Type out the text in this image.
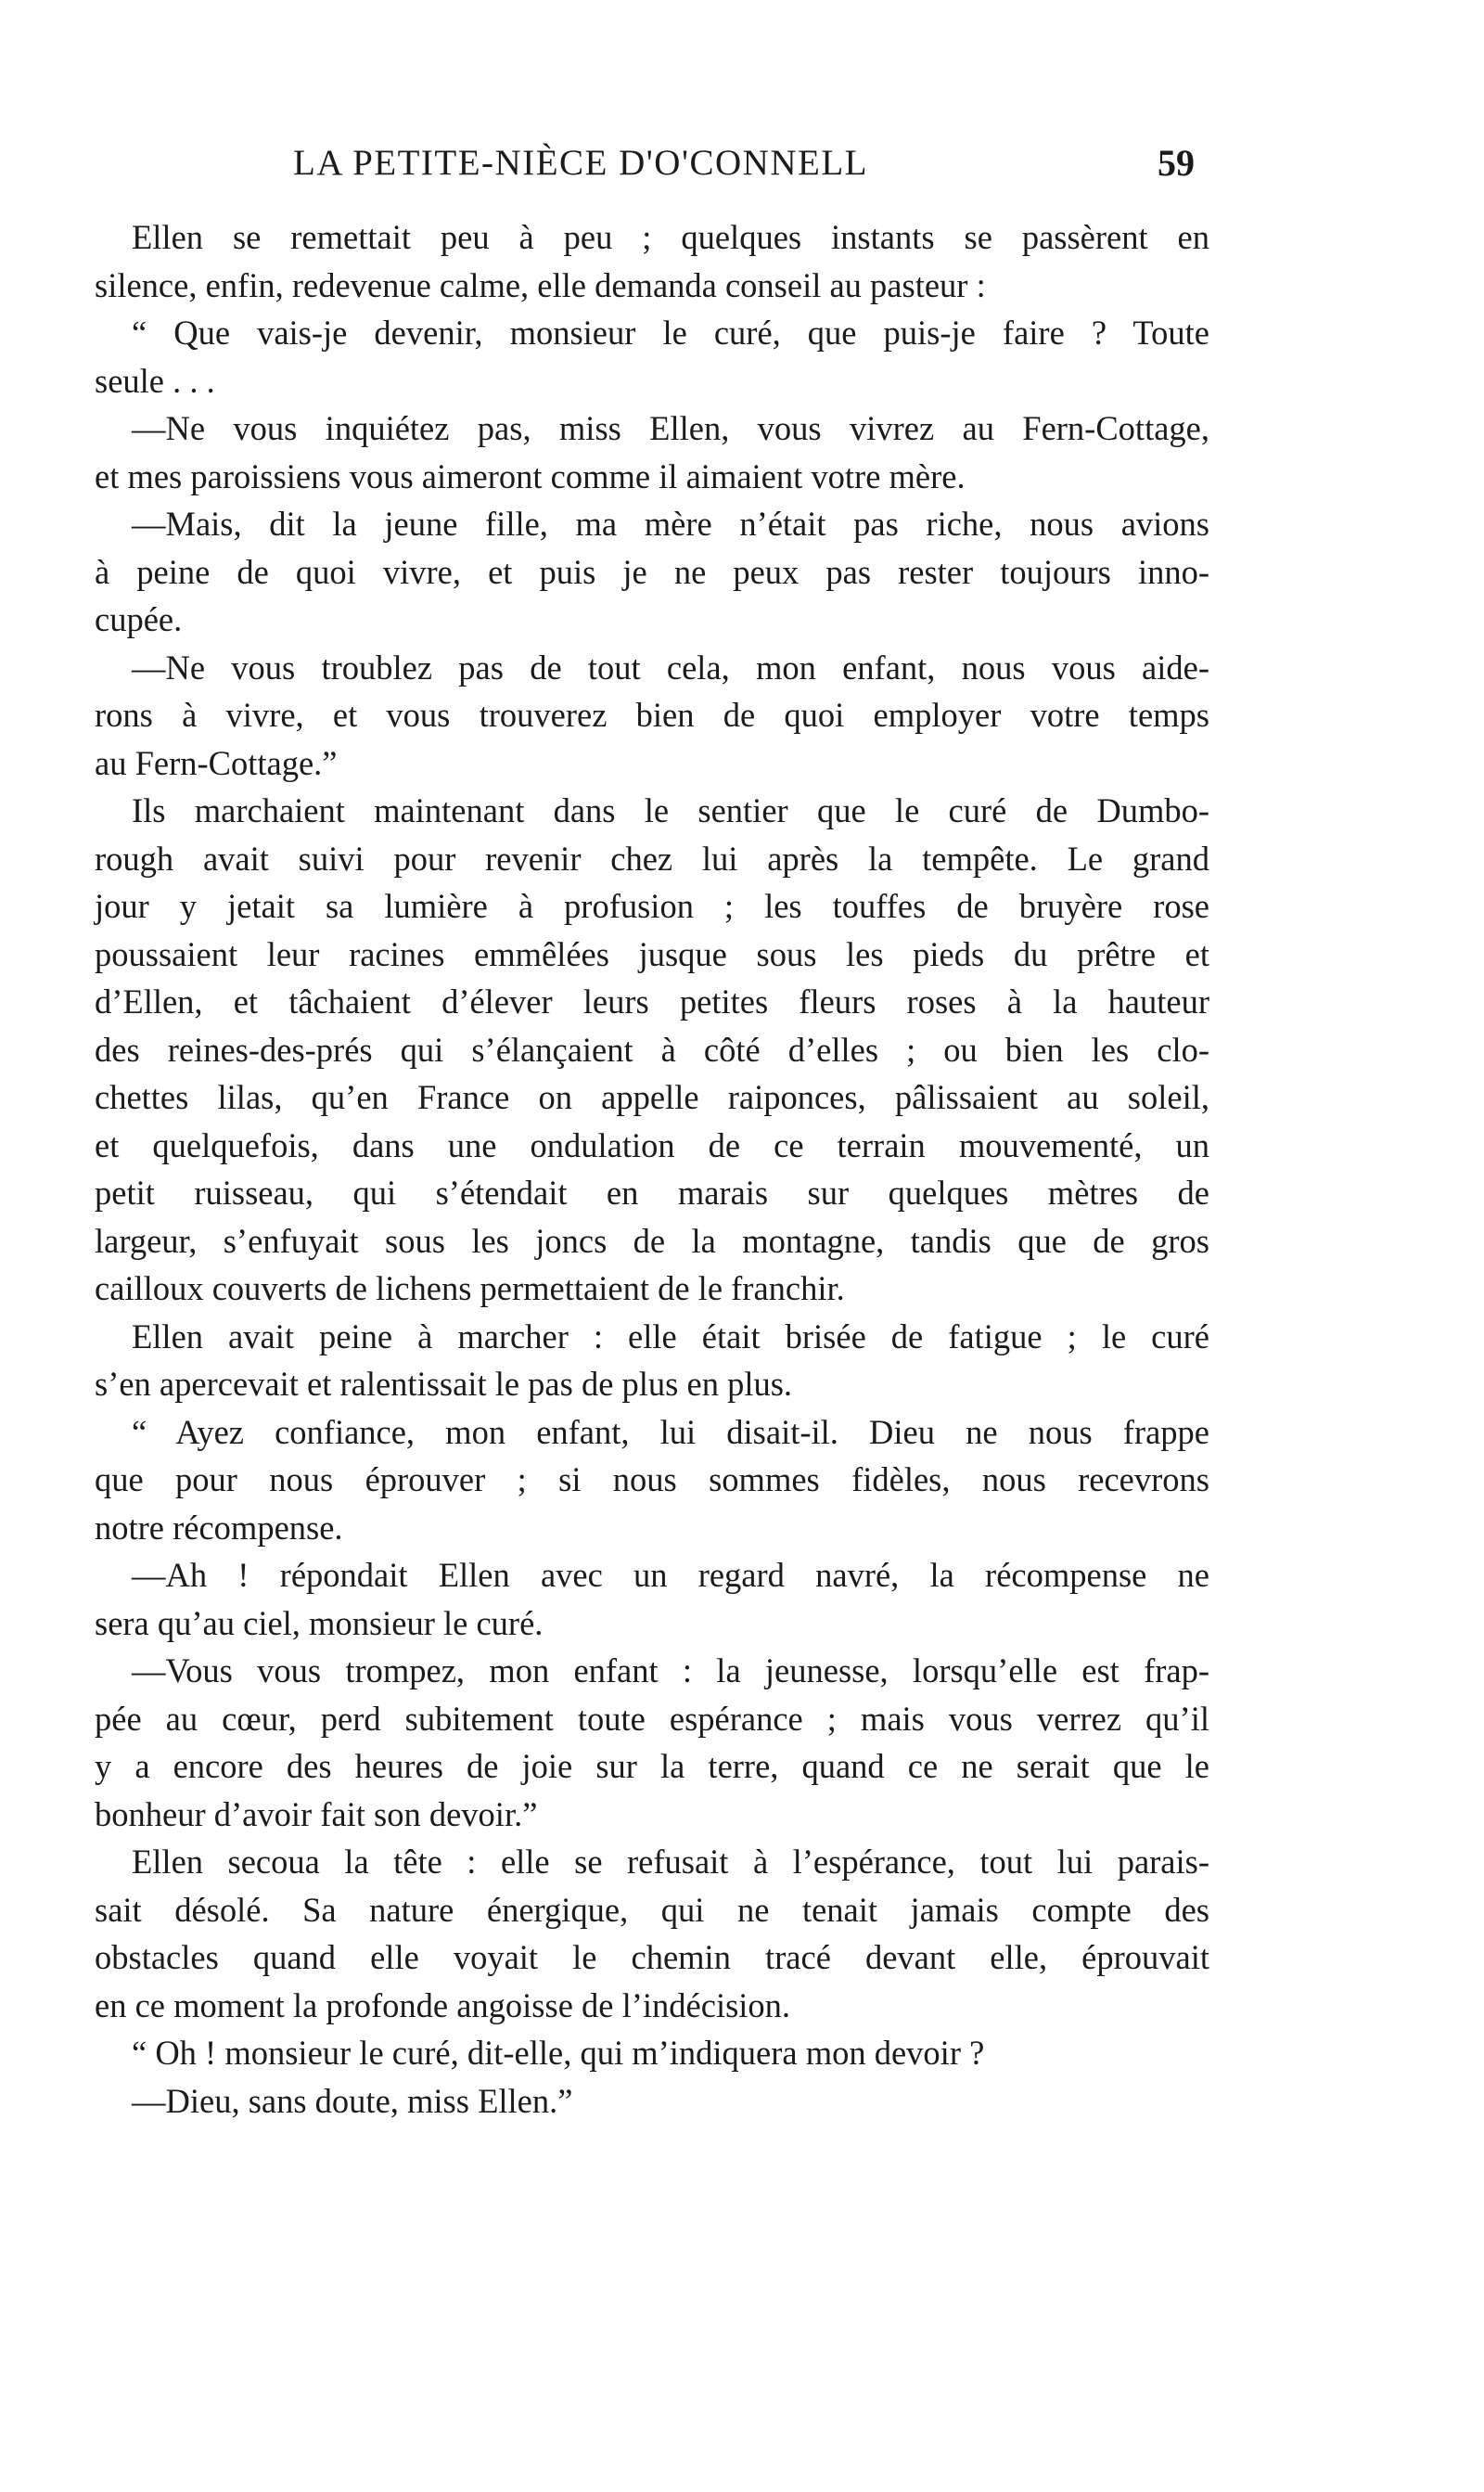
LA PETITE-NIÈCE D'O'CONNELL	59
Ellen se remettait peu à peu ; quelques instants se passèrent en
silence, enfin, redevenue calme, elle demanda conseil au pasteur :
“ Que vais-je devenir, monsieur le curé, que puis-je faire ? Toute
seule . . .
—Ne vous inquiétez pas, miss Ellen, vous vivrez au Fern-Cottage,
et mes paroissiens vous aimeront comme il aimaient votre mère.
—Mais, dit la jeune fille, ma mère n’était pas riche, nous avions
à peine de quoi vivre, et puis je ne peux pas rester toujours inno-
cupée.
—Ne vous troublez pas de tout cela, mon enfant, nous vous aide-
rons à vivre, et vous trouverez bien de quoi employer votre temps
au Fern-Cottage.”
Ils marchaient maintenant dans le sentier que le curé de Dumbo-
rough avait suivi pour revenir chez lui après la tempête. Le grand
jour y jetait sa lumière à profusion ; les touffes de bruyère rose
poussaient leur racines emmêlées jusque sous les pieds du prêtre et
d’Ellen, et tâchaient d’élever leurs petites fleurs roses à la hauteur
des reines-des-prés qui s’élançaient à côté d’elles ; ou bien les clo-
chettes lilas, qu’en France on appelle raiponces, pâlissaient au soleil,
et quelquefois, dans une ondulation de ce terrain mouvementé, un
petit ruisseau, qui s’étendait en marais sur quelques mètres de
largeur, s’enfuyait sous les joncs de la montagne, tandis que de gros
cailloux couverts de lichens permettaient de le franchir.
Ellen avait peine à marcher : elle était brisée de fatigue ; le curé
s’en apercevait et ralentissait le pas de plus en plus.
“ Ayez confiance, mon enfant, lui disait-il. Dieu ne nous frappe
que pour nous éprouver ; si nous sommes fidèles, nous recevrons
notre récompense.
—Ah ! répondait Ellen avec un regard navré, la récompense ne
sera qu’au ciel, monsieur le curé.
—Vous vous trompez, mon enfant : la jeunesse, lorsqu’elle est frap-
pée au cœur, perd subitement toute espérance ; mais vous verrez qu’il
y a encore des heures de joie sur la terre, quand ce ne serait que le
bonheur d’avoir fait son devoir.”
Ellen secoua la tête : elle se refusait à l’espérance, tout lui parais-
sait désolé. Sa nature énergique, qui ne tenait jamais compte des
obstacles quand elle voyait le chemin tracé devant elle, éprouvait
en ce moment la profonde angoisse de l’indécision.
“ Oh ! monsieur le curé, dit-elle, qui m’indiquera mon devoir ?
—Dieu, sans doute, miss Ellen.”
